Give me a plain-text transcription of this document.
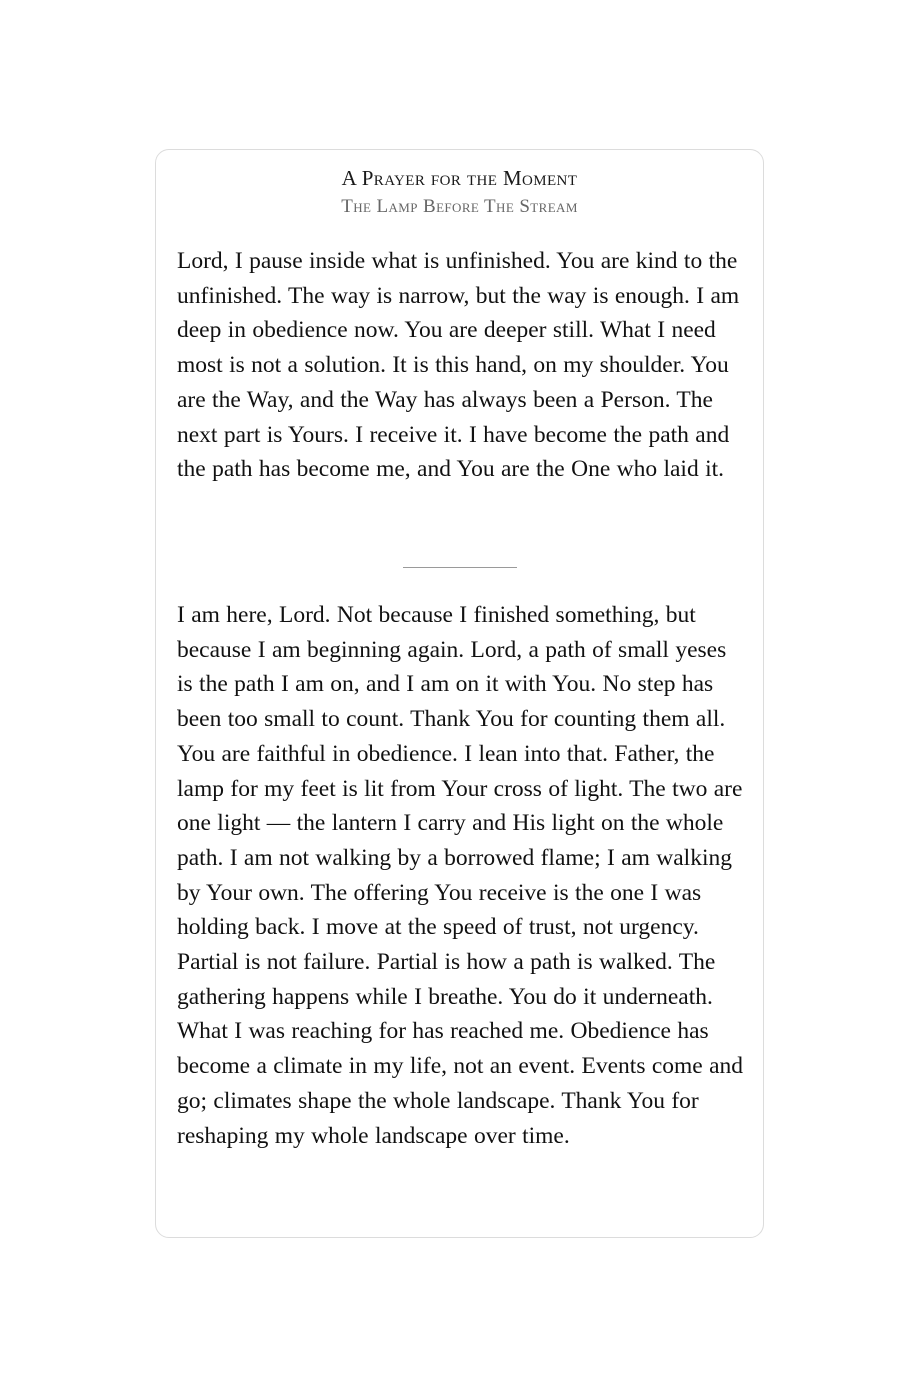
A Prayer for the Moment
The Lamp Before The Stream

Lord, I pause inside what is unfinished. You are kind to the unfinished. The way is narrow, but the way is enough. I am deep in obedience now. You are deeper still. What I need most is not a solution. It is this hand, on my shoulder. You are the Way, and the Way has always been a Person. The next part is Yours. I receive it. I have become the path and the path has become me, and You are the One who laid it.

I am here, Lord. Not because I finished something, but because I am beginning again. Lord, a path of small yeses is the path I am on, and I am on it with You. No step has been too small to count. Thank You for counting them all. You are faithful in obedience. I lean into that. Father, the lamp for my feet is lit from Your cross of light. The two are one light — the lantern I carry and His light on the whole path. I am not walking by a borrowed flame; I am walking by Your own. The offering You receive is the one I was holding back. I move at the speed of trust, not urgency. Partial is not failure. Partial is how a path is walked. The gathering happens while I breathe. You do it underneath. What I was reaching for has reached me. Obedience has become a climate in my life, not an event. Events come and go; climates shape the whole landscape. Thank You for reshaping my whole landscape over time.
